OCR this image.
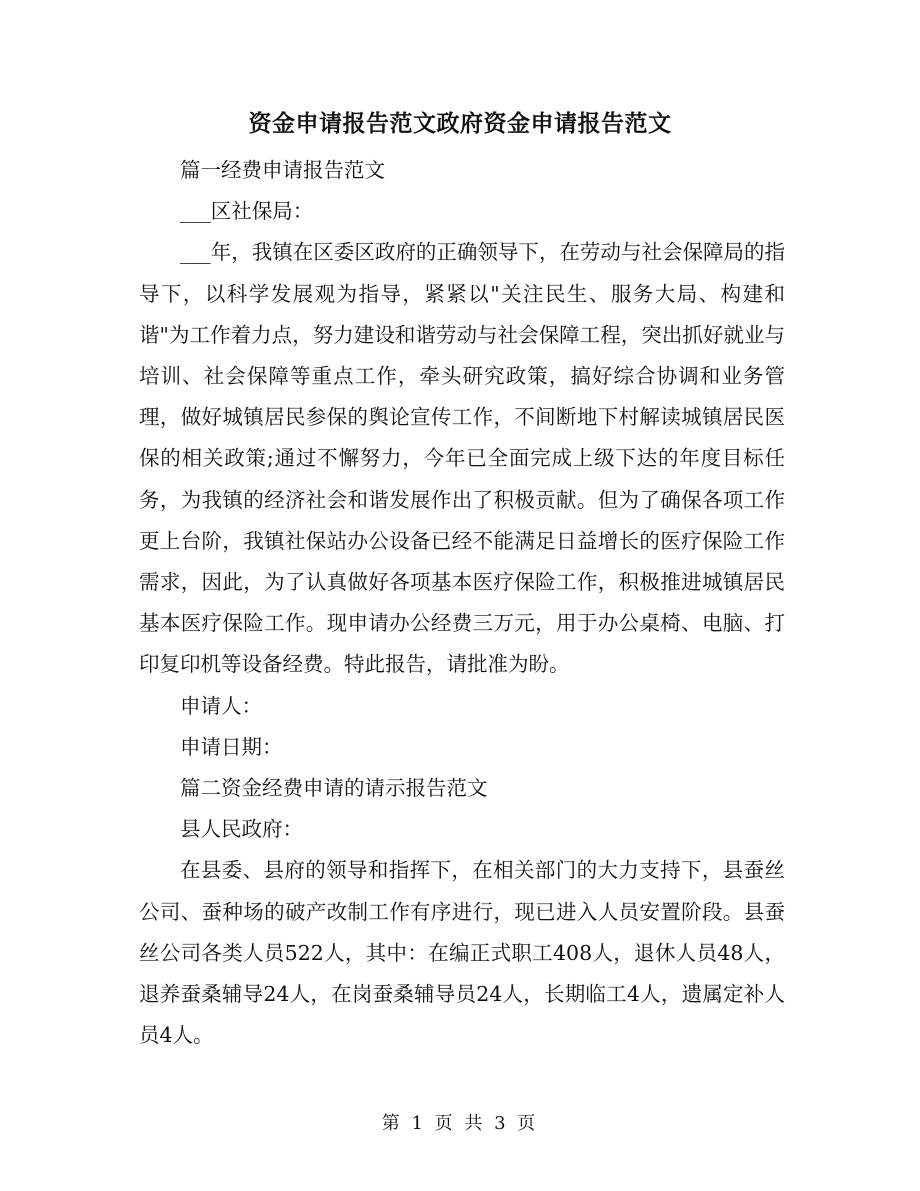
资金申请报告范文政府资金申请报告范文

篇一经费申请报告范文

___区社保局：

___年，我镇在区委区政府的正确领导下，在劳动与社会保障局的指导下，以科学发展观为指导，紧紧以"关注民生、服务大局、构建和谐"为工作着力点，努力建设和谐劳动与社会保障工程，突出抓好就业与培训、社会保障等重点工作，牵头研究政策，搞好综合协调和业务管理，做好城镇居民参保的舆论宣传工作，不间断地下村解读城镇居民医保的相关政策;通过不懈努力，今年已全面完成上级下达的年度目标任务，为我镇的经济社会和谐发展作出了积极贡献。但为了确保各项工作更上台阶，我镇社保站办公设备已经不能满足日益增长的医疗保险工作需求，因此，为了认真做好各项基本医疗保险工作，积极推进城镇居民基本医疗保险工作。现申请办公经费三万元，用于办公桌椅、电脑、打印复印机等设备经费。特此报告，请批准为盼。

申请人：

申请日期：

篇二资金经费申请的请示报告范文

县人民政府：

在县委、县府的领导和指挥下，在相关部门的大力支持下，县蚕丝公司、蚕种场的破产改制工作有序进行，现已进入人员安置阶段。县蚕丝公司各类人员522人，其中：在编正式职工408人，退休人员48人，退养蚕桑辅导24人，在岗蚕桑辅导员24人，长期临工4人，遗属定补人员4人。

第 1 页 共 3 页
